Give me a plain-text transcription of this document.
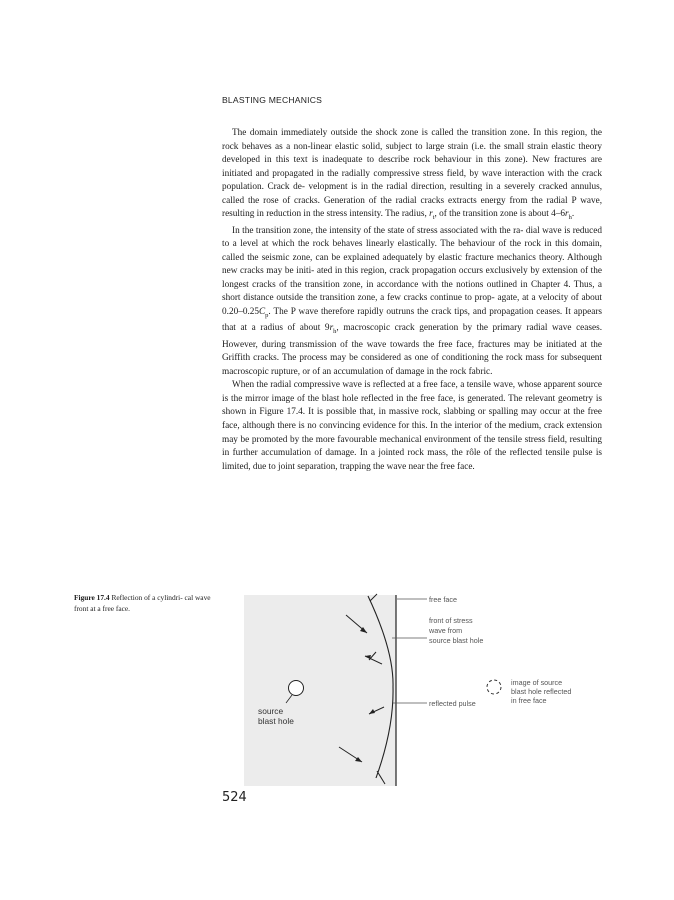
BLASTING MECHANICS

The domain immediately outside the shock zone is called the transition zone. In this region, the rock behaves as a non-linear elastic solid, subject to large strain (i.e. the small strain elastic theory developed in this text is inadequate to describe rock behaviour in this zone). New fractures are initiated and propagated in the radially compressive stress field, by wave interaction with the crack population. Crack de- velopment is in the radial direction, resulting in a severely cracked annulus, called the rose of cracks. Generation of the radial cracks extracts energy from the radial P wave, resulting in reduction in the stress intensity. The radius, $r_t$, of the transition zone is about $4-6r_h$.

In the transition zone, the intensity of the state of stress associated with the ra- dial wave is reduced to a level at which the rock behaves linearly elastically. The behaviour of the rock in this domain, called the seismic zone, can be explained adequately by elastic fracture mechanics theory. Although new cracks may be initi- ated in this region, crack propagation occurs exclusively by extension of the longest cracks of the transition zone, in accordance with the notions outlined in Chapter 4. Thus, a short distance outside the transition zone, a few cracks continue to prop- agate, at a velocity of about $0.20-0.25C_p$. The P wave therefore rapidly outruns the crack tips, and propagation ceases. It appears that at a radius of about $9r_h$, macroscopic crack generation by the primary radial wave ceases. However, during transmission of the wave towards the free face, fractures may be initiated at the Griffith cracks. The process may be considered as one of conditioning the rock mass for subsequent macroscopic rupture, or of an accumulation of damage in the rock fabric.

When the radial compressive wave is reflected at a free face, a tensile wave, whose apparent source is the mirror image of the blast hole reflected in the free face, is generated. The relevant geometry is shown in Figure 17.4. It is possible that, in massive rock, slabbing or spalling may occur at the free face, although there is no convincing evidence for this. In the interior of the medium, crack extension may be promoted by the more favourable mechanical environment of the tensile stress field, resulting in further accumulation of damage. In a jointed rock mass, the rôle of the reflected tensile pulse is limited, due to joint separation, trapping the wave near the free face.

Figure 17.4 Reflection of a cylindri- cal wave front at a free face.
free face
front of stress
wave from
source blast hole
reflected pulse
image of source
blast hole reflected
in free face
source
blast hole
524
